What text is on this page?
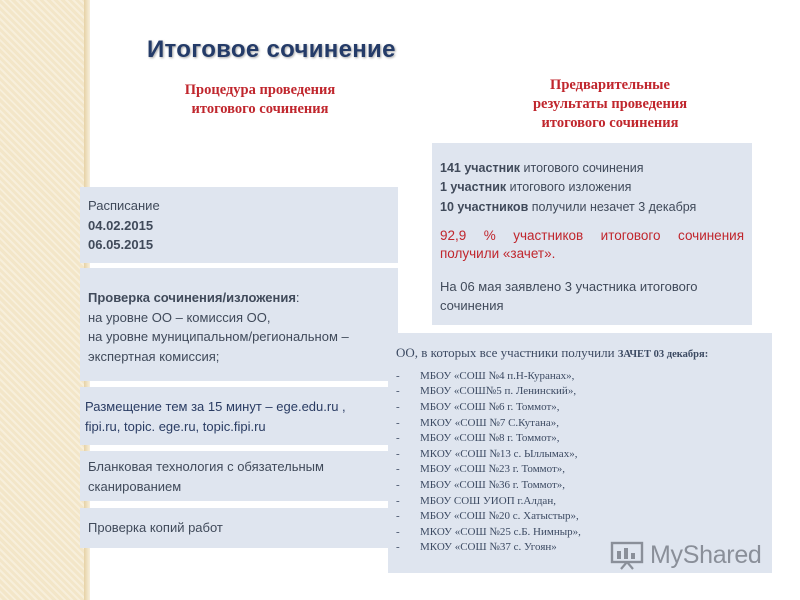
Итоговое сочинение
Процедура проведения
итогового сочинения
Предварительные
результаты проведения
итогового сочинения
Расписание
04.02.2015
06.05.2015
Проверка сочинения/изложения:
на уровне ОО – комиссия ОО,
на уровне муниципальном/региональном – экспертная комиссия;
Размещение тем за 15 минут – ege.edu.ru ,
fipi.ru, topic. ege.ru, topic.fipi.ru
Бланковая технология с обязательным сканированием
Проверка копий работ
141 участник итогового сочинения
1 участник итогового изложения
10 участников получили незачет 3 декабря
92,9 % участников итогового сочинения получили «зачет».
На 06 мая заявлено 3 участника итогового сочинения
ОО, в которых все участники получили ЗАЧЕТ 03 декабря:
- МБОУ «СОШ №4 п.Н-Куранах»,
- МБОУ «СОШ№5 п. Ленинский»,
- МБОУ «СОШ №6 г. Томмот»,
- МКОУ «СОШ №7 С.Кутана»,
- МБОУ «СОШ №8 г. Томмот»,
- МКОУ «СОШ №13 с. Ыллымах»,
- МБОУ «СОШ №23 г. Томмот»,
- МБОУ «СОШ №36 г. Томмот»,
- МБОУ СОШ УИОП г.Алдан,
- МБОУ «СОШ №20 с. Хатыстыр»,
- МКОУ «СОШ №25 с.Б. Нимныр»,
- МКОУ «СОШ №37 с. Угоян»	MyShared
